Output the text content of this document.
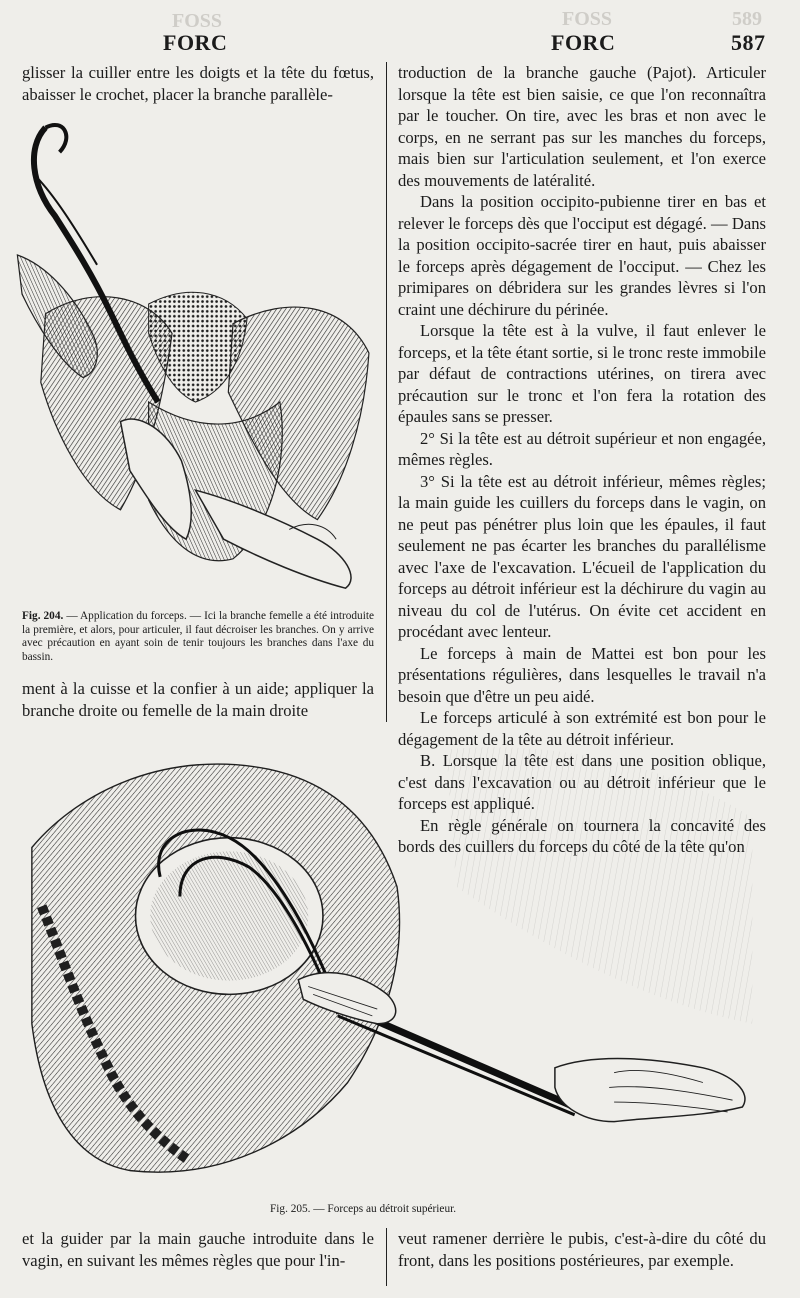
FOSS	FOSS	589
FORC	FORC	587

glisser la cuiller entre les doigts et la tête du fœtus, abaisser le crochet, placer la branche parallèle-

Fig. 204. — Application du forceps. — Ici la branche femelle a été introduite la première, et alors, pour articuler, il faut décroiser les branches. On y arrive avec précaution en ayant soin de tenir toujours les branches dans l'axe du bassin.

ment à la cuisse et la confier à un aide; appliquer la branche droite ou femelle de la main droite

troduction de la branche gauche (Pajot). Articuler lorsque la tête est bien saisie, ce que l'on reconnaîtra par le toucher. On tire, avec les bras et non avec le corps, en ne serrant pas sur les manches du forceps, mais bien sur l'articulation seulement, et l'on exerce des mouvements de latéralité.

Dans la position occipito-pubienne tirer en bas et relever le forceps dès que l'occiput est dégagé. — Dans la position occipito-sacrée tirer en haut, puis abaisser le forceps après dégagement de l'occiput. — Chez les primipares on débridera sur les grandes lèvres si l'on craint une déchirure du périnée.

Lorsque la tête est à la vulve, il faut enlever le forceps, et la tête étant sortie, si le tronc reste immobile par défaut de contractions utérines, on tirera avec précaution sur le tronc et l'on fera la rotation des épaules sans se presser.

2° Si la tête est au détroit supérieur et non engagée, mêmes règles.

3° Si la tête est au détroit inférieur, mêmes règles; la main guide les cuillers du forceps dans le vagin, on ne peut pas pénétrer plus loin que les épaules, il faut seulement ne pas écarter les branches du parallélisme avec l'axe de l'excavation. L'écueil de l'application du forceps au détroit inférieur est la déchirure du vagin au niveau du col de l'utérus. On évite cet accident en procédant avec lenteur.

Le forceps à main de Mattei est bon pour les présentations régulières, dans lesquelles le travail n'a besoin que d'être un peu aidé.

Le forceps articulé à son extrémité est bon pour le dégagement de la tête au détroit inférieur.

B. Lorsque la tête est dans une position oblique, c'est dans l'excavation ou au détroit inférieur que le forceps est appliqué.

En règle générale on tournera la concavité des bords des cuillers du forceps du côté de la tête qu'on

Fig. 205. — Forceps au détroit supérieur.

et la guider par la main gauche introduite dans le vagin, en suivant les mêmes règles que pour l'in-

veut ramener derrière le pubis, c'est-à-dire du côté du front, dans les positions postérieures, par exemple.
